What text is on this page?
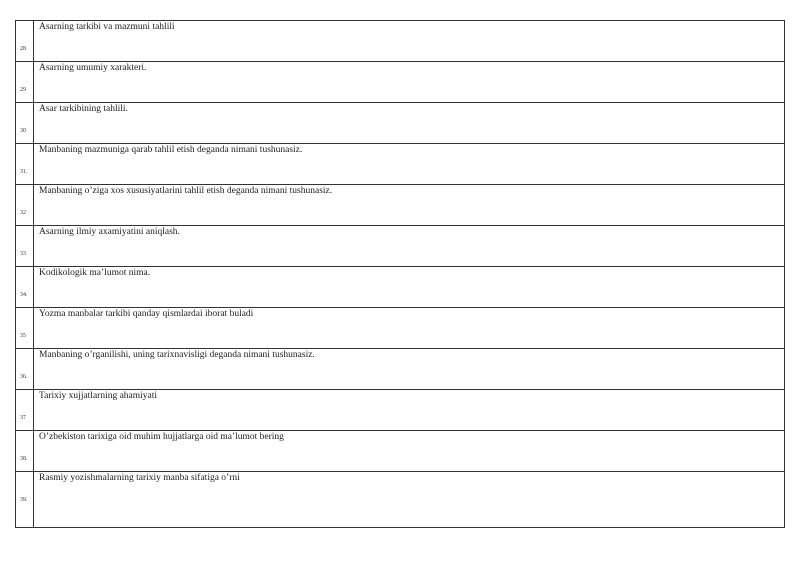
28
Asarning tarkibi va mazmuni tahlili
29
Asarning umumiy xarakteri.
30
Asar tarkibining tahlili.
31.
Manbaning mazmuniga qarab tahlil etish deganda nimani tushunasiz.
32
Manbaning o’ziga xos xususiyatlarini tahlil etish deganda nimani tushunasiz.
33
Asarning ilmiy axamiyatini aniqlash.
34.
Kodikologik ma’lumot nima.
35
Yozma manbalar tarkibi qanday qismlardai iborat buladi
36.
Manbaning o’rganilishi, uning tarixnavisligi deganda nimani tushunasiz.
37
Tarixiy xujjatlarning ahamiyati
38.
O’zbekiston tarixiga oid muhim hujjatlarga oid ma’lumot bering
39.
Rasmiy yozishmalarning tarixiy manba sifatiga o’rni
